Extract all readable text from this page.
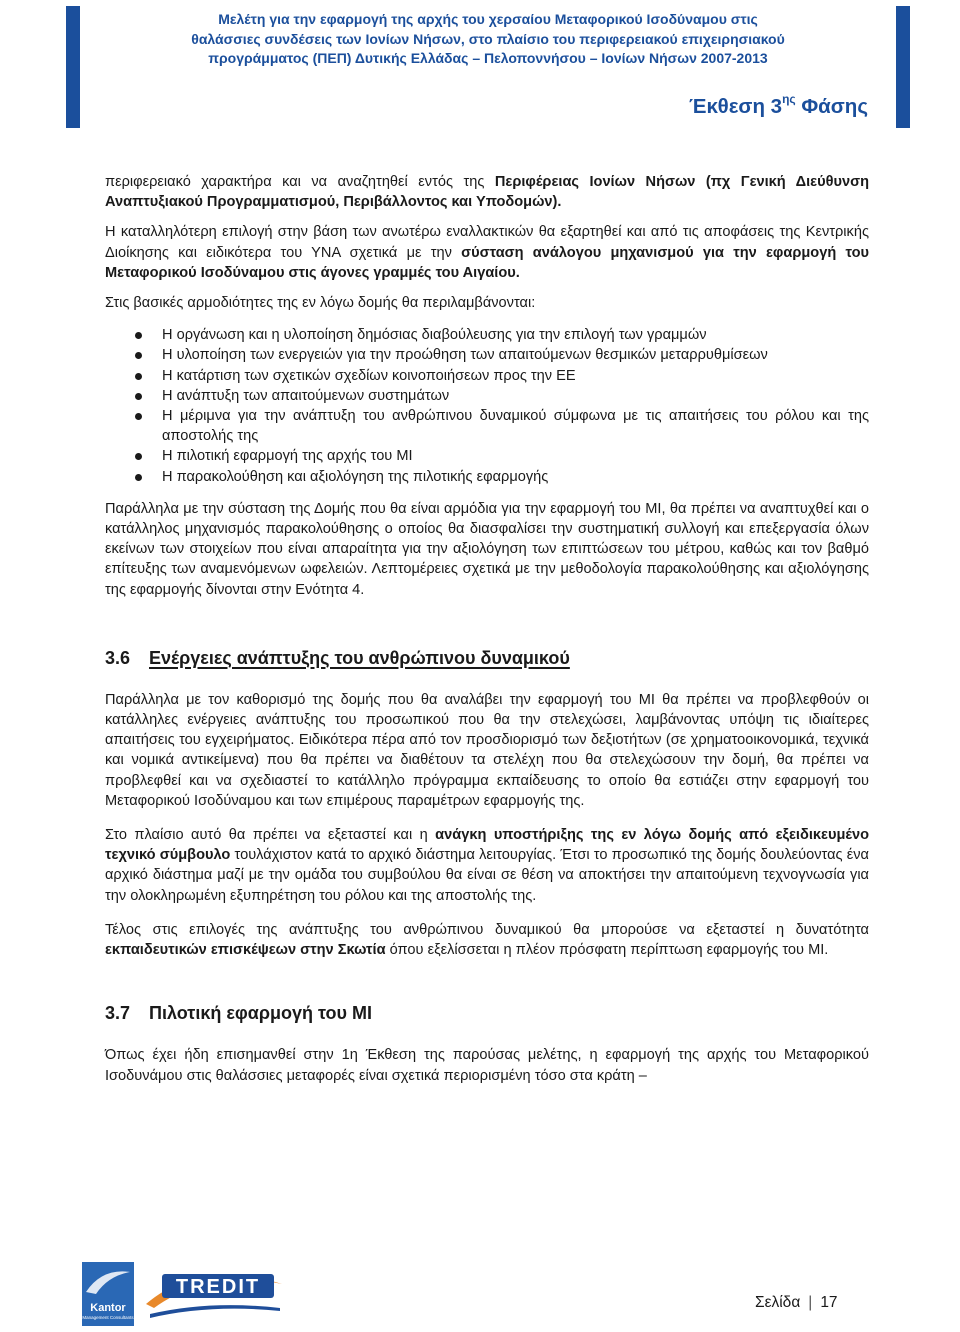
Μελέτη για την εφαρμογή της αρχής του χερσαίου Μεταφορικού Ισοδύναμου στις
θαλάσσιες συνδέσεις των Ιονίων Νήσων, στο πλαίσιο του περιφερειακού επιχειρησιακού
προγράμματος (ΠΕΠ) Δυτικής Ελλάδας – Πελοποννήσου – Ιονίων Νήσων 2007-2013
Έκθεση $3^{\eta\varsigma}$ Φάσης

περιφερειακό χαρακτήρα και να αναζητηθεί εντός της Περιφέρειας Ιονίων Νήσων (πχ Γενική Διεύθυνση Αναπτυξιακού Προγραμματισμού, Περιβάλλοντος και Υποδομών).

Η καταλληλότερη επιλογή στην βάση των ανωτέρω εναλλακτικών θα εξαρτηθεί και από τις αποφάσεις της Κεντρικής Διοίκησης και ειδικότερα του ΥΝΑ σχετικά με την σύσταση ανάλογου μηχανισμού για την εφαρμογή του Μεταφορικού Ισοδύναμου στις άγονες γραμμές του Αιγαίου.

Στις βασικές αρμοδιότητες της εν λόγω δομής θα περιλαμβάνονται:

Η οργάνωση και η υλοποίηση δημόσιας διαβούλευσης για την επιλογή των γραμμών
Η υλοποίηση των ενεργειών για την προώθηση των απαιτούμενων θεσμικών μεταρρυθμίσεων
Η κατάρτιση των σχετικών σχεδίων κοινοποιήσεων προς την ΕΕ
Η ανάπτυξη των απαιτούμενων συστημάτων
Η μέριμνα για την ανάπτυξη του ανθρώπινου δυναμικού σύμφωνα με τις απαιτήσεις του ρόλου και της αποστολής της
Η πιλοτική εφαρμογή της αρχής του ΜΙ
Η παρακολούθηση και αξιολόγηση της πιλοτικής εφαρμογής

Παράλληλα με την σύσταση της Δομής που θα είναι αρμόδια για την εφαρμογή του ΜΙ, θα πρέπει να αναπτυχθεί και ο κατάλληλος μηχανισμός παρακολούθησης ο οποίος θα διασφαλίσει την συστηματική συλλογή και επεξεργασία όλων εκείνων των στοιχείων που είναι απαραίτητα για την αξιολόγηση των επιπτώσεων του μέτρου, καθώς και τον βαθμό επίτευξης των αναμενόμενων ωφελειών. Λεπτομέρειες σχετικά με την μεθοδολογία παρακολούθησης και αξιολόγησης της εφαρμογής δίνονται στην Ενότητα 4.

3.6 Ενέργειες ανάπτυξης του ανθρώπινου δυναμικού

Παράλληλα με τον καθορισμό της δομής που θα αναλάβει την εφαρμογή του ΜΙ θα πρέπει να προβλεφθούν οι κατάλληλες ενέργειες ανάπτυξης του προσωπικού που θα την στελεχώσει, λαμβάνοντας υπόψη τις ιδιαίτερες απαιτήσεις του εγχειρήματος. Ειδικότερα πέρα από τον προσδιορισμό των δεξιοτήτων (σε χρηματοοικονομικά, τεχνικά και νομικά αντικείμενα) που θα πρέπει να διαθέτουν τα στελέχη που θα στελεχώσουν την δομή, θα πρέπει να προβλεφθεί και να σχεδιαστεί το κατάλληλο πρόγραμμα εκπαίδευσης το οποίο θα εστιάζει στην εφαρμογή του Μεταφορικού Ισοδύναμου και των επιμέρους παραμέτρων εφαρμογής της.

Στο πλαίσιο αυτό θα πρέπει να εξεταστεί και η ανάγκη υποστήριξης της εν λόγω δομής από εξειδικευμένο τεχνικό σύμβουλο τουλάχιστον κατά το αρχικό διάστημα λειτουργίας. Έτσι το προσωπικό της δομής δουλεύοντας ένα αρχικό διάστημα μαζί με την ομάδα του συμβούλου θα είναι σε θέση να αποκτήσει την απαιτούμενη τεχνογνωσία για την ολοκληρωμένη εξυπηρέτηση του ρόλου και της αποστολής της.

Τέλος στις επιλογές της ανάπτυξης του ανθρώπινου δυναμικού θα μπορούσε να εξεταστεί η δυνατότητα εκπαιδευτικών επισκέψεων στην Σκωτία όπου εξελίσσεται η πλέον πρόσφατη περίπτωση εφαρμογής του ΜΙ.

3.7 Πιλοτική εφαρμογή του ΜΙ

Όπως έχει ήδη επισημανθεί στην 1η Έκθεση της παρούσας μελέτης, η εφαρμογή της αρχής του Μεταφορικού Ισοδυνάμου στις θαλάσσιες μεταφορές είναι σχετικά περιορισμένη τόσο στα κράτη –

Kantor
Management Consultants
TREDIT
Σελίδα | 17
